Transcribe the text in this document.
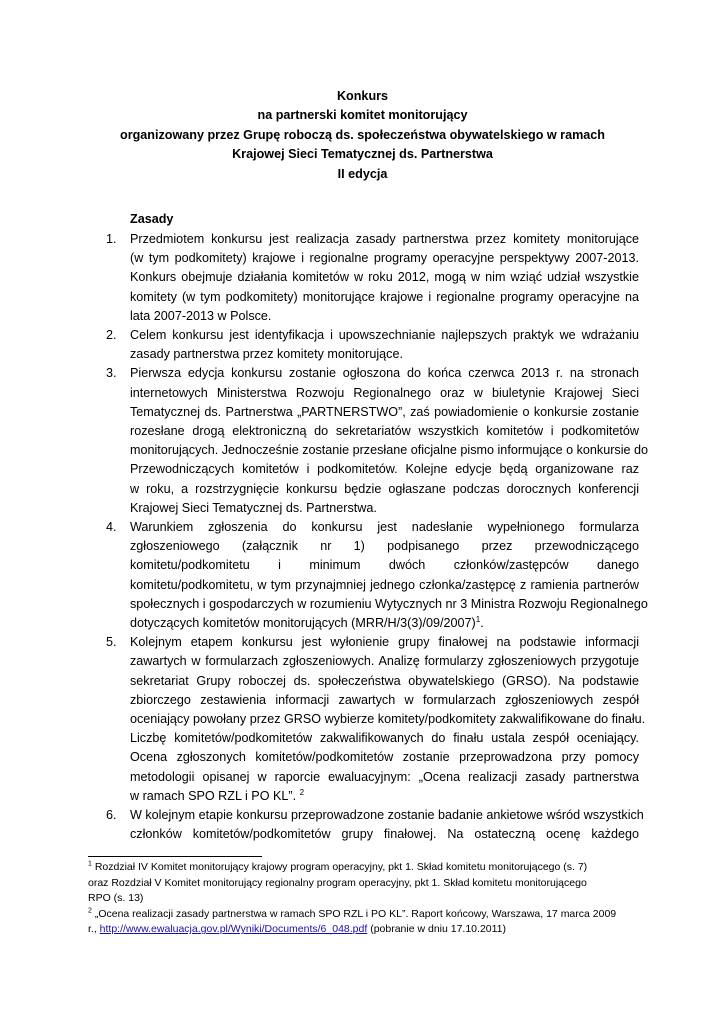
Konkurs
na partnerski komitet monitorujący
organizowany przez Grupę roboczą ds. społeczeństwa obywatelskiego w ramach
Krajowej Sieci Tematycznej ds. Partnerstwa
II edycja
Zasady
1. Przedmiotem konkursu jest realizacja zasady partnerstwa przez komitety monitorujące
(w tym podkomitety) krajowe i regionalne programy operacyjne perspektywy 2007-2013.
Konkurs obejmuje działania komitetów w roku 2012, mogą w nim wziąć udział wszystkie
komitety (w tym podkomitety) monitorujące krajowe i regionalne programy operacyjne na
lata 2007-2013 w Polsce.
2. Celem konkursu jest identyfikacja i upowszechnianie najlepszych praktyk we wdrażaniu
zasady partnerstwa przez komitety monitorujące.
3. Pierwsza edycja konkursu zostanie ogłoszona do końca czerwca 2013 r. na stronach
internetowych Ministerstwa Rozwoju Regionalnego oraz w biuletynie Krajowej Sieci
Tematycznej ds. Partnerstwa „PARTNERSTWO”, zaś powiadomienie o konkursie zostanie
rozesłane drogą elektroniczną do sekretariatów wszystkich komitetów i podkomitetów
monitorujących. Jednocześnie zostanie przesłane oficjalne pismo informujące o konkursie do
Przewodniczących komitetów i podkomitetów. Kolejne edycje będą organizowane raz
w roku, a rozstrzygnięcie konkursu będzie ogłaszane podczas dorocznych konferencji
Krajowej Sieci Tematycznej ds. Partnerstwa.
4. Warunkiem zgłoszenia do konkursu jest nadesłanie wypełnionego formularza
zgłoszeniowego (załącznik nr 1) podpisanego przez przewodniczącego
komitetu/podkomitetu i minimum dwóch członków/zastępców danego
komitetu/podkomitetu, w tym przynajmniej jednego członka/zastępcę z ramienia partnerów
społecznych i gospodarczych w rozumieniu Wytycznych nr 3 Ministra Rozwoju Regionalnego
dotyczących komitetów monitorujących $(MRR/H/3(3)/09/2007)^1$.
5. Kolejnym etapem konkursu jest wyłonienie grupy finałowej na podstawie informacji
zawartych w formularzach zgłoszeniowych. Analizę formularzy zgłoszeniowych przygotuje
sekretariat Grupy roboczej ds. społeczeństwa obywatelskiego (GRSO). Na podstawie
zbiorczego zestawienia informacji zawartych w formularzach zgłoszeniowych zespół
oceniający powołany przez GRSO wybierze komitety/podkomitety zakwalifikowane do finału.
Liczbę komitetów/podkomitetów zakwalifikowanych do finału ustala zespół oceniający.
Ocena zgłoszonych komitetów/podkomitetów zostanie przeprowadzona przy pomocy
metodologii opisanej w raporcie ewaluacyjnym: „Ocena realizacji zasady partnerstwa
w ramach SPO RZL i PO KL”. $^2$
6. W kolejnym etapie konkursu przeprowadzone zostanie badanie ankietowe wśród wszystkich
członków komitetów/podkomitetów grupy finałowej. Na ostateczną ocenę każdego
$^1$ Rozdział IV Komitet monitorujący krajowy program operacyjny, pkt 1. Skład komitetu monitorującego (s. 7)
oraz Rozdział V Komitet monitorujący regionalny program operacyjny, pkt 1. Skład komitetu monitorującego
RPO (s. 13)
$^2$ „Ocena realizacji zasady partnerstwa w ramach SPO RZL i PO KL”. Raport końcowy, Warszawa, 17 marca 2009
r., http://www.ewaluacja.gov.pl/Wyniki/Documents/6_048.pdf (pobranie w dniu 17.10.2011)
